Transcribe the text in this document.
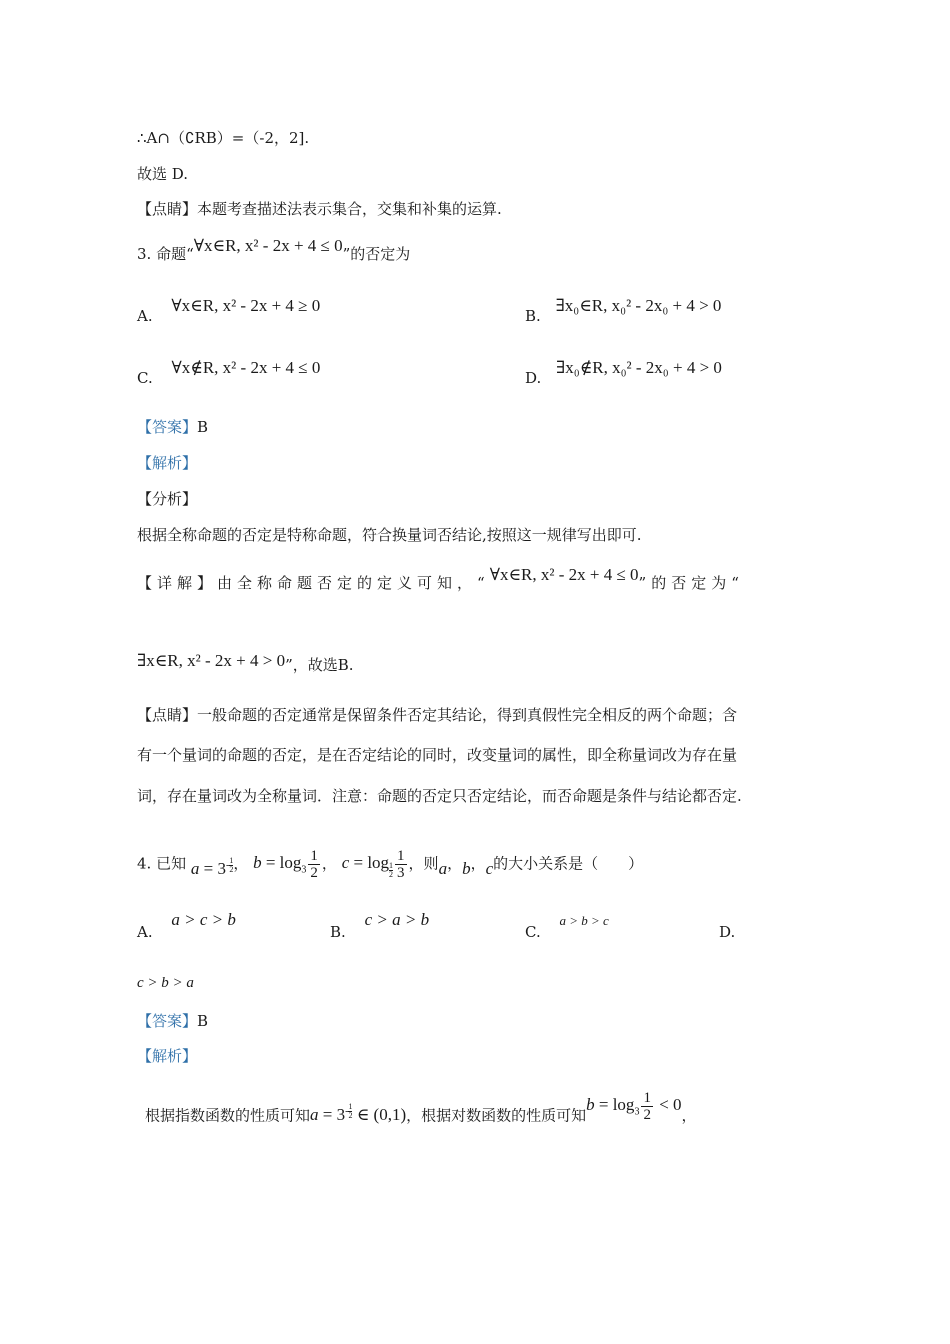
∴A∩（∁RB）=（-2，2].
故选 D.
【点睛】本题考查描述法表示集合，交集和补集的运算.
3. 命题“∀x∈R, x² - 2x + 4 ≤ 0”的否定为
A. ∀x∈R, x² - 2x + 4 ≥ 0
B. ∃x₀∈R, x₀² - 2x₀ + 4 > 0
C. ∀x∉R, x² - 2x + 4 ≤ 0
D. ∃x₀∉R, x₀² - 2x₀ + 4 > 0
【答案】B
【解析】
【分析】
根据全称命题的否定是特称命题，符合换量词否结论,按照这一规律写出即可.
【详解】由全称命题否定的定义可知，“∀x∈R, x² - 2x + 4 ≤ 0”的否定为“
∃x∈R, x² - 2x + 4 > 0”，故选B.
【点睛】一般命题的否定通常是保留条件否定其结论，得到真假性完全相反的两个命题；含
有一个量词的命题的否定，是在否定结论的同时，改变量词的属性，即全称量词改为存在量
词，存在量词改为全称量词．注意：命题的否定只否定结论，而否命题是条件与结论都否定.
4. 已知 $a = 3^{- \frac{1}{2}}$ ， $b = \log_3 \frac{1}{2}$ ， $c = \log _{\frac{1}{2}} \frac{1}{3}$ ，则a，b，c的大小关系是（　　）
A. a > c > b
B. c > a > b
C. a > b > c
D.
c > b > a
【答案】B
【解析】
根据指数函数的性质可知$a = 3^{- \frac{1}{2}}$ ∈ (0,1)，根据对数函数的性质可知$b = \log_3 \frac{1}{2} < 0$，
